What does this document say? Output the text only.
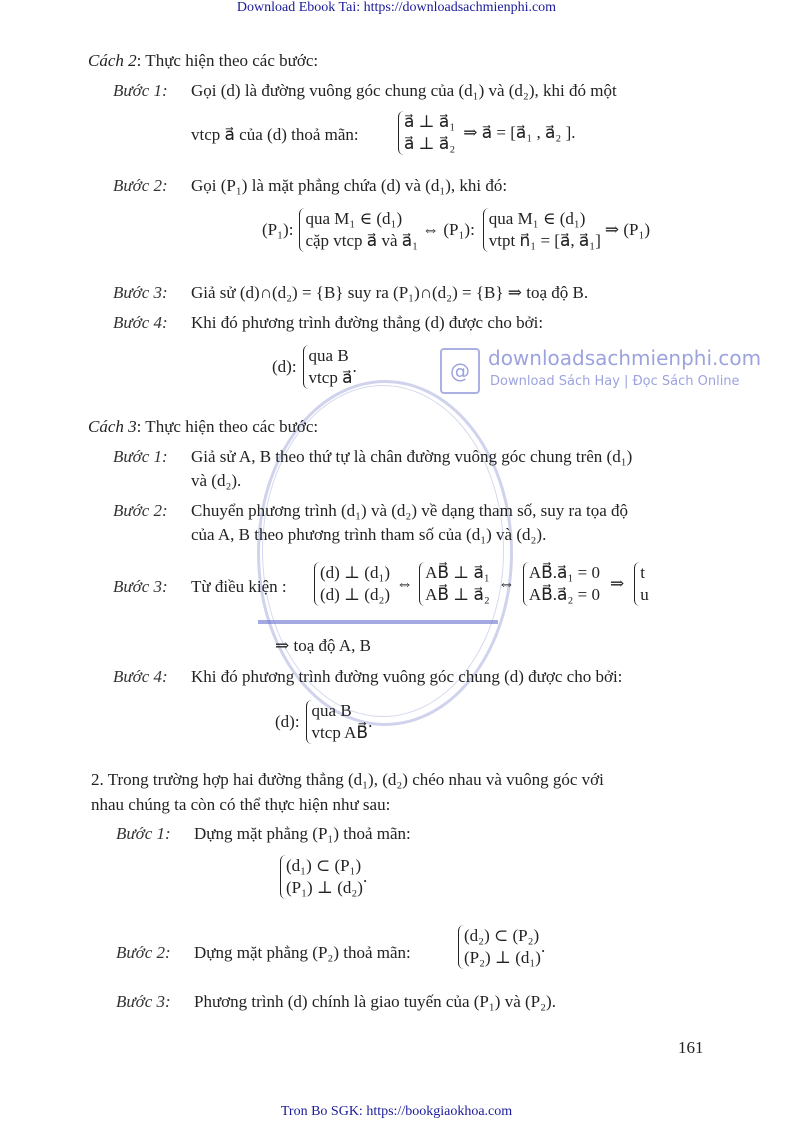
Download Ebook Tai: https://downloadsachmienphi.com
@
downloadsachmienphi.com
Download Sách Hay | Đọc Sách Online
Cách 2: Thực hiện theo các bước:
Bước 1: Gọi (d) là đường vuông góc chung của (d₁) và (d₂), khi đó một
vtcp a⃗ của (d) thoả mãn:
a⃗ ⊥ a⃗₁
a⃗ ⊥ a⃗₂
⇒ a⃗ = [a⃗₁ , a⃗₂ ].
Bước 2: Gọi (P₁) là mặt phẳng chứa (d) và (d₁), khi đó:
(P₁):
qua M₁ ∈ (d₁)
cặp vtcp a⃗ và a⃗₁
⇔ (P₁):
qua M₁ ∈ (d₁)
vtpt n⃗₁ = [a⃗, a⃗₁]
⇒ (P₁)
Bước 3: Giả sử (d)∩(d₂) = {B} suy ra (P₁)∩(d₂) = {B} ⇒ toạ độ B.
Bước 4: Khi đó phương trình đường thẳng (d) được cho bởi:
(d):
qua B
vtcp a⃗
.
Cách 3: Thực hiện theo các bước:
Bước 1: Giả sử A, B theo thứ tự là chân đường vuông góc chung trên (d₁)
và (d₂).
Bước 2: Chuyển phương trình (d₁) và (d₂) về dạng tham số, suy ra tọa độ
của A, B theo phương trình tham số của (d₁) và (d₂).
Bước 3: Từ điều kiện :
(d) ⊥ (d₁)
(d) ⊥ (d₂)
⇔
AB⃗ ⊥ a⃗₁
AB⃗ ⊥ a⃗₂
⇔
AB⃗.a⃗₁ = 0
AB⃗.a⃗₂ = 0
⇒
t
u
⇒ toạ độ A, B
Bước 4: Khi đó phương trình đường vuông góc chung (d) được cho bởi:
(d):
qua B
vtcp AB⃗
.
2. Trong trường hợp hai đường thẳng (d₁), (d₂) chéo nhau và vuông góc với
nhau chúng ta còn có thể thực hiện như sau:
Bước 1: Dựng mặt phẳng (P₁) thoả mãn:
(d₁) ⊂ (P₁)
(P₁) ⊥ (d₂)
.
Bước 2: Dựng mặt phẳng (P₂) thoả mãn:
(d₂) ⊂ (P₂)
(P₂) ⊥ (d₁)
.
Bước 3: Phương trình (d) chính là giao tuyến của (P₁) và (P₂).
161
Tron Bo SGK: https://bookgiaokhoa.com
